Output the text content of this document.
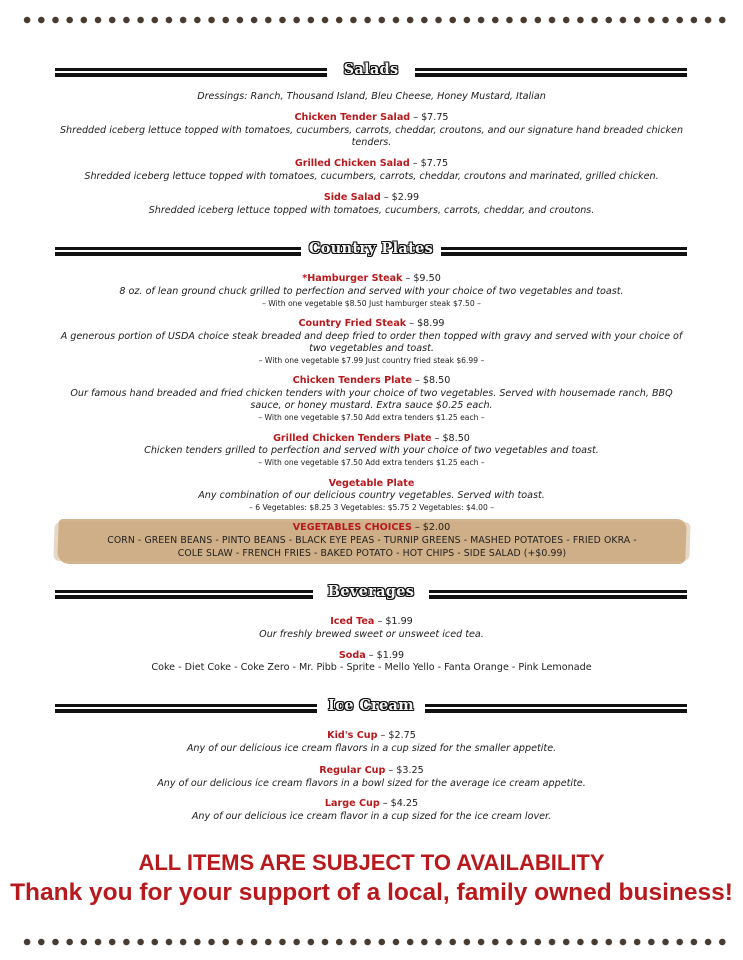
Salads
Dressings: Ranch, Thousand Island, Bleu Cheese, Honey Mustard, Italian
Chicken Tender Salad – $7.75
Shredded iceberg lettuce topped with tomatoes, cucumbers, carrots, cheddar, croutons, and our signature hand breaded chicken
tenders.
Grilled Chicken Salad – $7.75
Shredded iceberg lettuce topped with tomatoes, cucumbers, carrots, cheddar, croutons and marinated, grilled chicken.
Side Salad – $2.99
Shredded iceberg lettuce topped with tomatoes, cucumbers, carrots, cheddar, and croutons.
Country Plates
*Hamburger Steak – $9.50
8 oz. of lean ground chuck grilled to perfection and served with your choice of two vegetables and toast.
– With one vegetable $8.50 Just hamburger steak $7.50 –
Country Fried Steak – $8.99
A generous portion of USDA choice steak breaded and deep fried to order then topped with gravy and served with your choice of
two vegetables and toast.
– With one vegetable $7.99 Just country fried steak $6.99 –
Chicken Tenders Plate – $8.50
Our famous hand breaded and fried chicken tenders with your choice of two vegetables. Served with housemade ranch, BBQ
sauce, or honey mustard. Extra sauce $0.25 each.
– With one vegetable $7.50 Add extra tenders $1.25 each –
Grilled Chicken Tenders Plate – $8.50
Chicken tenders grilled to perfection and served with your choice of two vegetables and toast.
– With one vegetable $7.50 Add extra tenders $1.25 each –
Vegetable Plate
Any combination of our delicious country vegetables. Served with toast.
– 6 Vegetables: $8.25 3 Vegetables: $5.75 2 Vegetables: $4.00 –
VEGETABLES CHOICES – $2.00
CORN - GREEN BEANS - PINTO BEANS - BLACK EYE PEAS - TURNIP GREENS - MASHED POTATOES - FRIED OKRA -
COLE SLAW - FRENCH FRIES - BAKED POTATO - HOT CHIPS - SIDE SALAD (+$0.99)
Beverages
Iced Tea – $1.99
Our freshly brewed sweet or unsweet iced tea.
Soda – $1.99
Coke - Diet Coke - Coke Zero - Mr. Pibb - Sprite - Mello Yello - Fanta Orange - Pink Lemonade
Ice Cream
Kid's Cup – $2.75
Any of our delicious ice cream flavors in a cup sized for the smaller appetite.
Regular Cup – $3.25
Any of our delicious ice cream flavors in a bowl sized for the average ice cream appetite.
Large Cup – $4.25
Any of our delicious ice cream flavor in a cup sized for the ice cream lover.
ALL ITEMS ARE SUBJECT TO AVAILABILITY
Thank you for your support of a local, family owned business!
